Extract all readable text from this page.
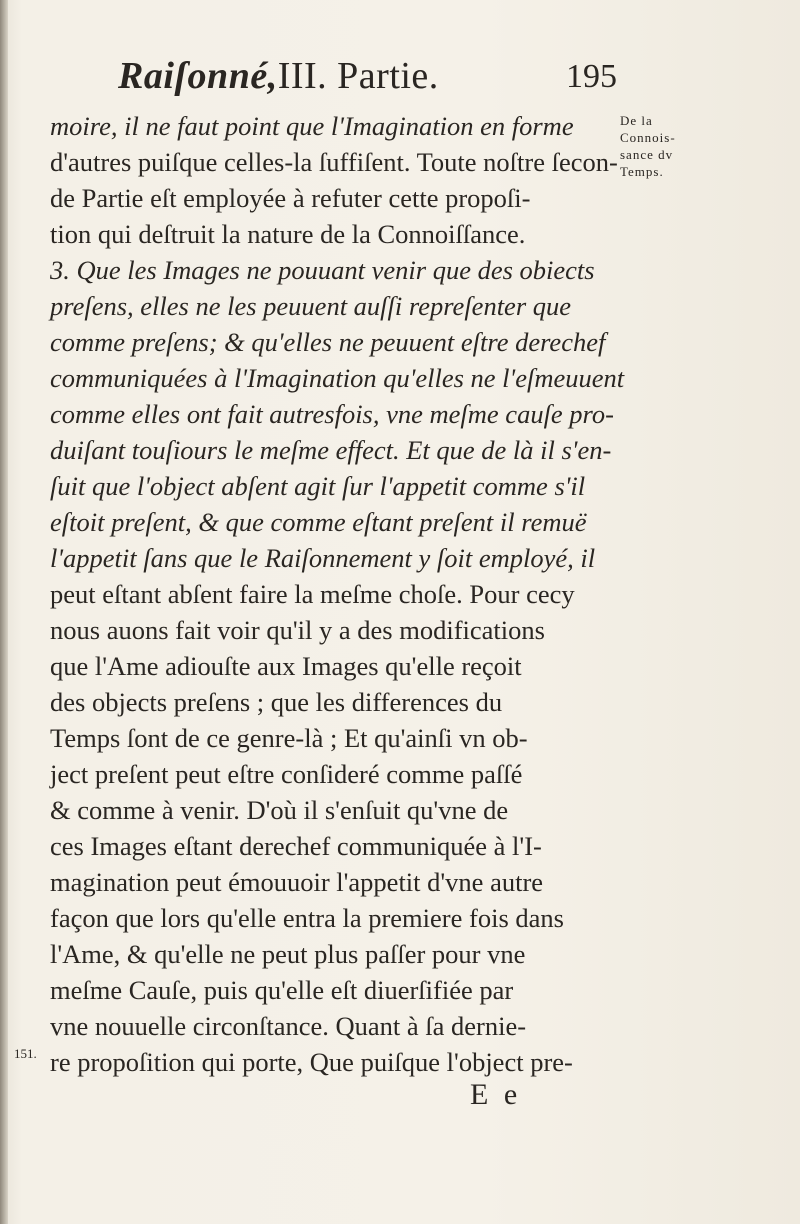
Raiſonné,III. Partie.	195
De la
Connois-
sance dv
Temps.
moire, il ne faut point que l'Imagination en forme
d'autres puiſque celles-la ſuffiſent. Toute noſtre ſecon-
de Partie eſt employée à refuter cette propoſi-
tion qui deſtruit la nature de la Connoiſſance.
3. Que les Images ne pouuant venir que des obiects
preſens, elles ne les peuuent auſſi repreſenter que
comme preſens; & qu'elles ne peuuent eſtre derechef
communiquées à l'Imagination qu'elles ne l'eſmeuuent
comme elles ont fait autresfois, vne meſme cauſe pro-
duiſant touſiours le meſme effect. Et que de là il s'en-
ſuit que l'object abſent agit ſur l'appetit comme s'il
eſtoit preſent, & que comme eſtant preſent il remuë
l'appetit ſans que le Raiſonnement y ſoit employé, il
peut eſtant abſent faire la meſme choſe. Pour cecy
nous auons fait voir qu'il y a des modifications
que l'Ame adiouſte aux Images qu'elle reçoit
des objects preſens ; que les differences du
Temps ſont de ce genre-là ; Et qu'ainſi vn ob-
ject preſent peut eſtre conſideré comme paſſé
& comme à venir. D'où il s'enſuit qu'vne de
ces Images eſtant derechef communiquée à l'I-
magination peut émouuoir l'appetit d'vne autre
façon que lors qu'elle entra la premiere fois dans
l'Ame, & qu'elle ne peut plus paſſer pour vne
meſme Cauſe, puis qu'elle eſt diuerſifiée par
vne nouuelle circonſtance. Quant à ſa dernie-
re propoſition qui porte, Que puiſque l'object pre-
151.
E e
